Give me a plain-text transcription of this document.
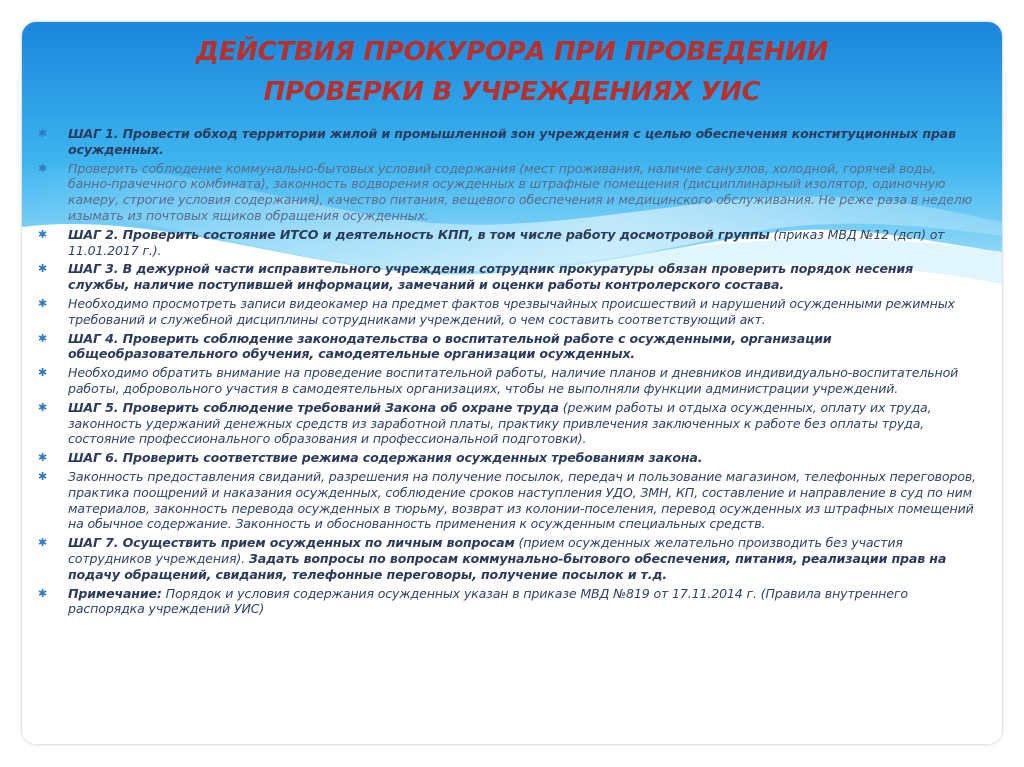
ДЕЙСТВИЯ ПРОКУРОРА ПРИ ПРОВЕДЕНИИ
ПРОВЕРКИ В УЧРЕЖДЕНИЯХ УИС
✱ ШАГ 1. Провести обход территории жилой и промышленной зон учреждения с целью обеспечения конституционных прав осужденных.
✱ Проверить соблюдение коммунально-бытовых условий содержания (мест проживания, наличие санузлов, холодной, горячей воды, банно-прачечного комбината), законность водворения осужденных в штрафные помещения (дисциплинарный изолятор, одиночную камеру, строгие условия содержания), качество питания, вещевого обеспечения и медицинского обслуживания. Не реже раза в неделю изымать из почтовых ящиков обращения осужденных.
✱ ШАГ 2. Проверить состояние ИТСО и деятельность КПП, в том числе работу досмотровой группы (приказ МВД №12 (дсп) от 11.01.2017 г.).
✱ ШАГ 3. В дежурной части исправительного учреждения сотрудник прокуратуры обязан проверить порядок несения службы, наличие поступившей информации, замечаний и оценки работы контролерского состава.
✱ Необходимо просмотреть записи видеокамер на предмет фактов чрезвычайных происшествий и нарушений осужденными режимных требований и служебной дисциплины сотрудниками учреждений, о чем составить соответствующий акт.
✱ ШАГ 4. Проверить соблюдение законодательства о воспитательной работе с осужденными, организации общеобразовательного обучения, самодеятельные организации осужденных.
✱ Необходимо обратить внимание на проведение воспитательной работы, наличие планов и дневников индивидуально-воспитательной работы, добровольного участия в самодеятельных организациях, чтобы не выполняли функции администрации учреждений.
✱ ШАГ 5. Проверить соблюдение требований Закона об охране труда (режим работы и отдыха осужденных, оплату их труда, законность удержаний денежных средств из заработной платы, практику привлечения заключенных к работе без оплаты труда, состояние профессионального образования и профессиональной подготовки).
✱ ШАГ 6. Проверить соответствие режима содержания осужденных требованиям закона.
✱ Законность предоставления свиданий, разрешения на получение посылок, передач и пользование магазином, телефонных переговоров, практика поощрений и наказания осужденных, соблюдение сроков наступления УДО, ЗМН, КП, составление и направление в суд по ним материалов, законность перевода осужденных в тюрьму, возврат из колонии-поселения, перевод осужденных из штрафных помещений на обычное содержание. Законность и обоснованность применения к осужденным специальных средств.
✱ ШАГ 7. Осуществить прием осужденных по личным вопросам (прием осужденных желательно производить без участия сотрудников учреждения). Задать вопросы по вопросам коммунально-бытового обеспечения, питания, реализации прав на подачу обращений, свидания, телефонные переговоры, получение посылок и т.д.
✱ Примечание: Порядок и условия содержания осужденных указан в приказе МВД №819 от 17.11.2014 г. (Правила внутреннего распорядка учреждений УИС)
